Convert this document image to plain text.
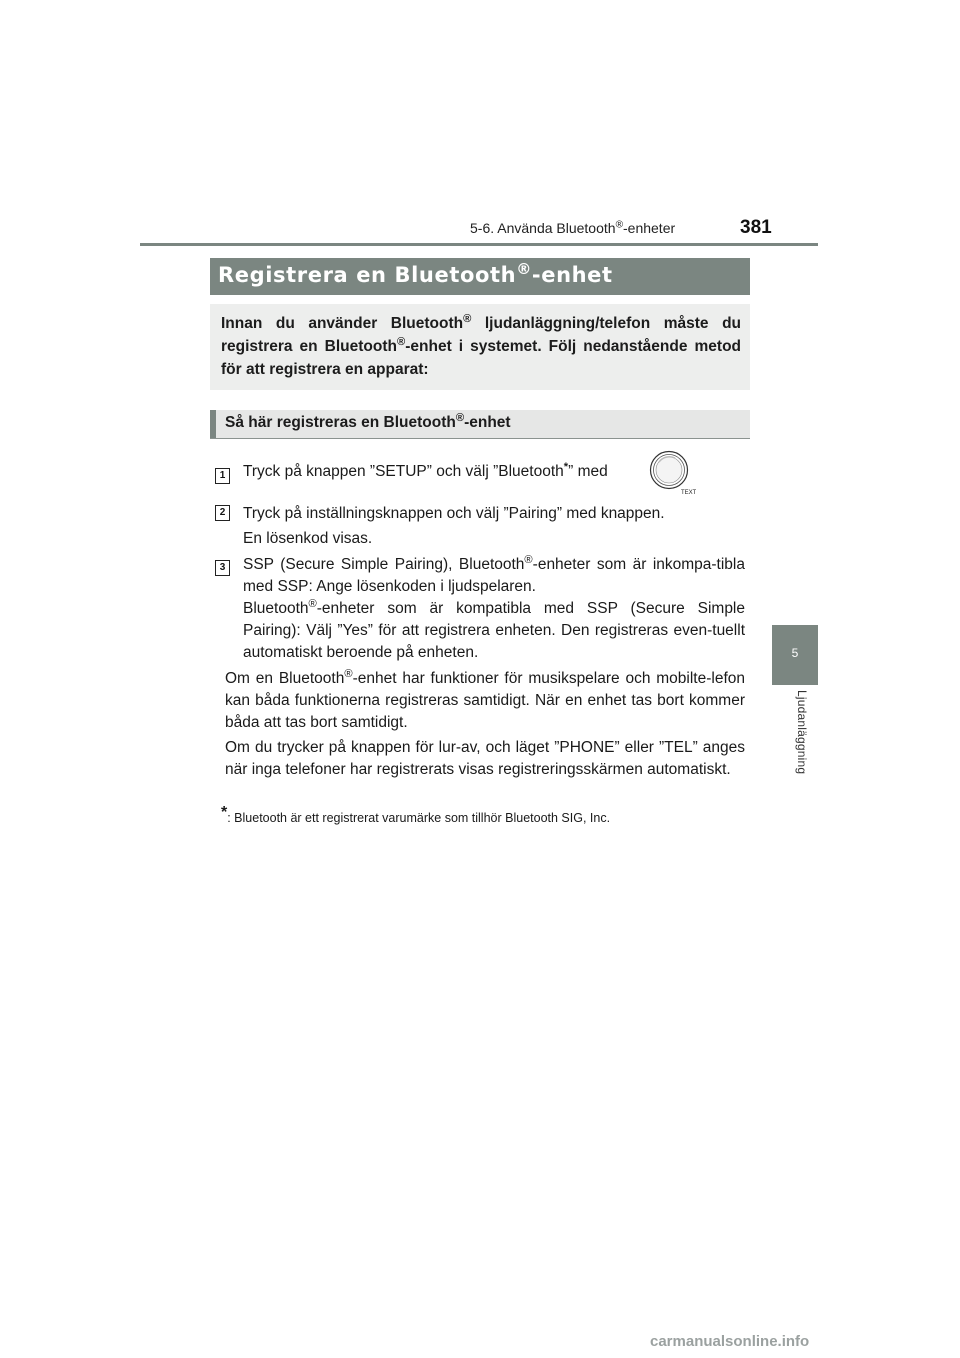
5-6. Använda Bluetooth®-enheter	381
5
Ljudanläggning
Registrera en Bluetooth®-enhet
Innan du använder Bluetooth® ljudanläggning/telefon måste du registrera en Bluetooth®-enhet i systemet. Följ nedanstående metod för att registrera en apparat:
Så här registreras en Bluetooth®-enhet
1
2
3
Tryck på knappen ”SETUP” och välj ”Bluetooth*” med
TEXT
Tryck på inställningsknappen och välj ”Pairing” med knappen.
En lösenkod visas.
SSP (Secure Simple Pairing), Bluetooth®-enheter som är inkompa-tibla med SSP: Ange lösenkoden i ljudspelaren.
Bluetooth®-enheter som är kompatibla med SSP (Secure Simple Pairing): Välj ”Yes” för att registrera enheten. Den registreras even-tuellt automatiskt beroende på enheten.
Om en Bluetooth®-enhet har funktioner för musikspelare och mobilte-lefon kan båda funktionerna registreras samtidigt. När en enhet tas bort kommer båda att tas bort samtidigt.
Om du trycker på knappen för lur-av, och läget ”PHONE” eller ”TEL” anges när inga telefoner har registrerats visas registreringsskärmen automatiskt.
*: Bluetooth är ett registrerat varumärke som tillhör Bluetooth SIG, Inc.
carmanualsonline.info
